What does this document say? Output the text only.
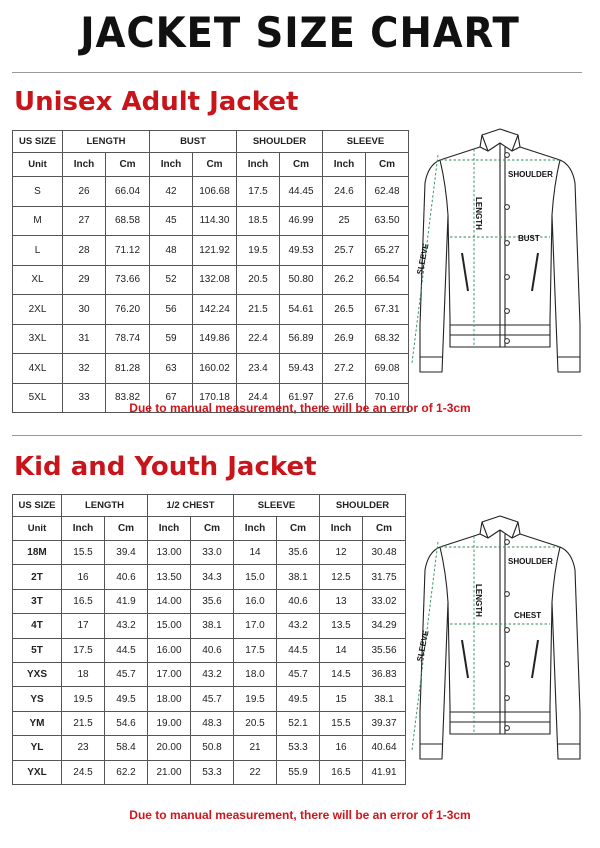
JACKET SIZE CHART
Unisex Adult Jacket
US SIZE	LENGTH		BUST		SHOULDER		SLEEVE	
Unit	Inch	Cm	Inch	Cm	Inch	Cm	Inch	Cm
S	26	66.04	42	106.68	17.5	44.45	24.6	62.48
M	27	68.58	45	114.30	18.5	46.99	25	63.50
L	28	71.12	48	121.92	19.5	49.53	25.7	65.27
XL	29	73.66	52	132.08	20.5	50.80	26.2	66.54
2XL	30	76.20	56	142.24	21.5	54.61	26.5	67.31
3XL	31	78.74	59	149.86	22.4	56.89	26.9	68.32
4XL	32	81.28	63	160.02	23.4	59.43	27.2	69.08
5XL	33	83.82	67	170.18	24.4	61.97	27.6	70.10
SHOULDER
BUST
LENGTH
SLEEVE
Due to manual measurement, there will be an error of 1-3cm
Kid and Youth Jacket
US SIZE	LENGTH		1/2 CHEST		SLEEVE		SHOULDER	
Unit	Inch	Cm	Inch	Cm	Inch	Cm	Inch	Cm
18M	15.5	39.4	13.00	33.0	14	35.6	12	30.48
2T	16	40.6	13.50	34.3	15.0	38.1	12.5	31.75
3T	16.5	41.9	14.00	35.6	16.0	40.6	13	33.02
4T	17	43.2	15.00	38.1	17.0	43.2	13.5	34.29
5T	17.5	44.5	16.00	40.6	17.5	44.5	14	35.56
YXS	18	45.7	17.00	43.2	18.0	45.7	14.5	36.83
YS	19.5	49.5	18.00	45.7	19.5	49.5	15	38.1
YM	21.5	54.6	19.00	48.3	20.5	52.1	15.5	39.37
YL	23	58.4	20.00	50.8	21	53.3	16	40.64
YXL	24.5	62.2	21.00	53.3	22	55.9	16.5	41.91
SHOULDER
CHEST
LENGTH
SLEEVE
Due to manual measurement, there will be an error of 1-3cm
